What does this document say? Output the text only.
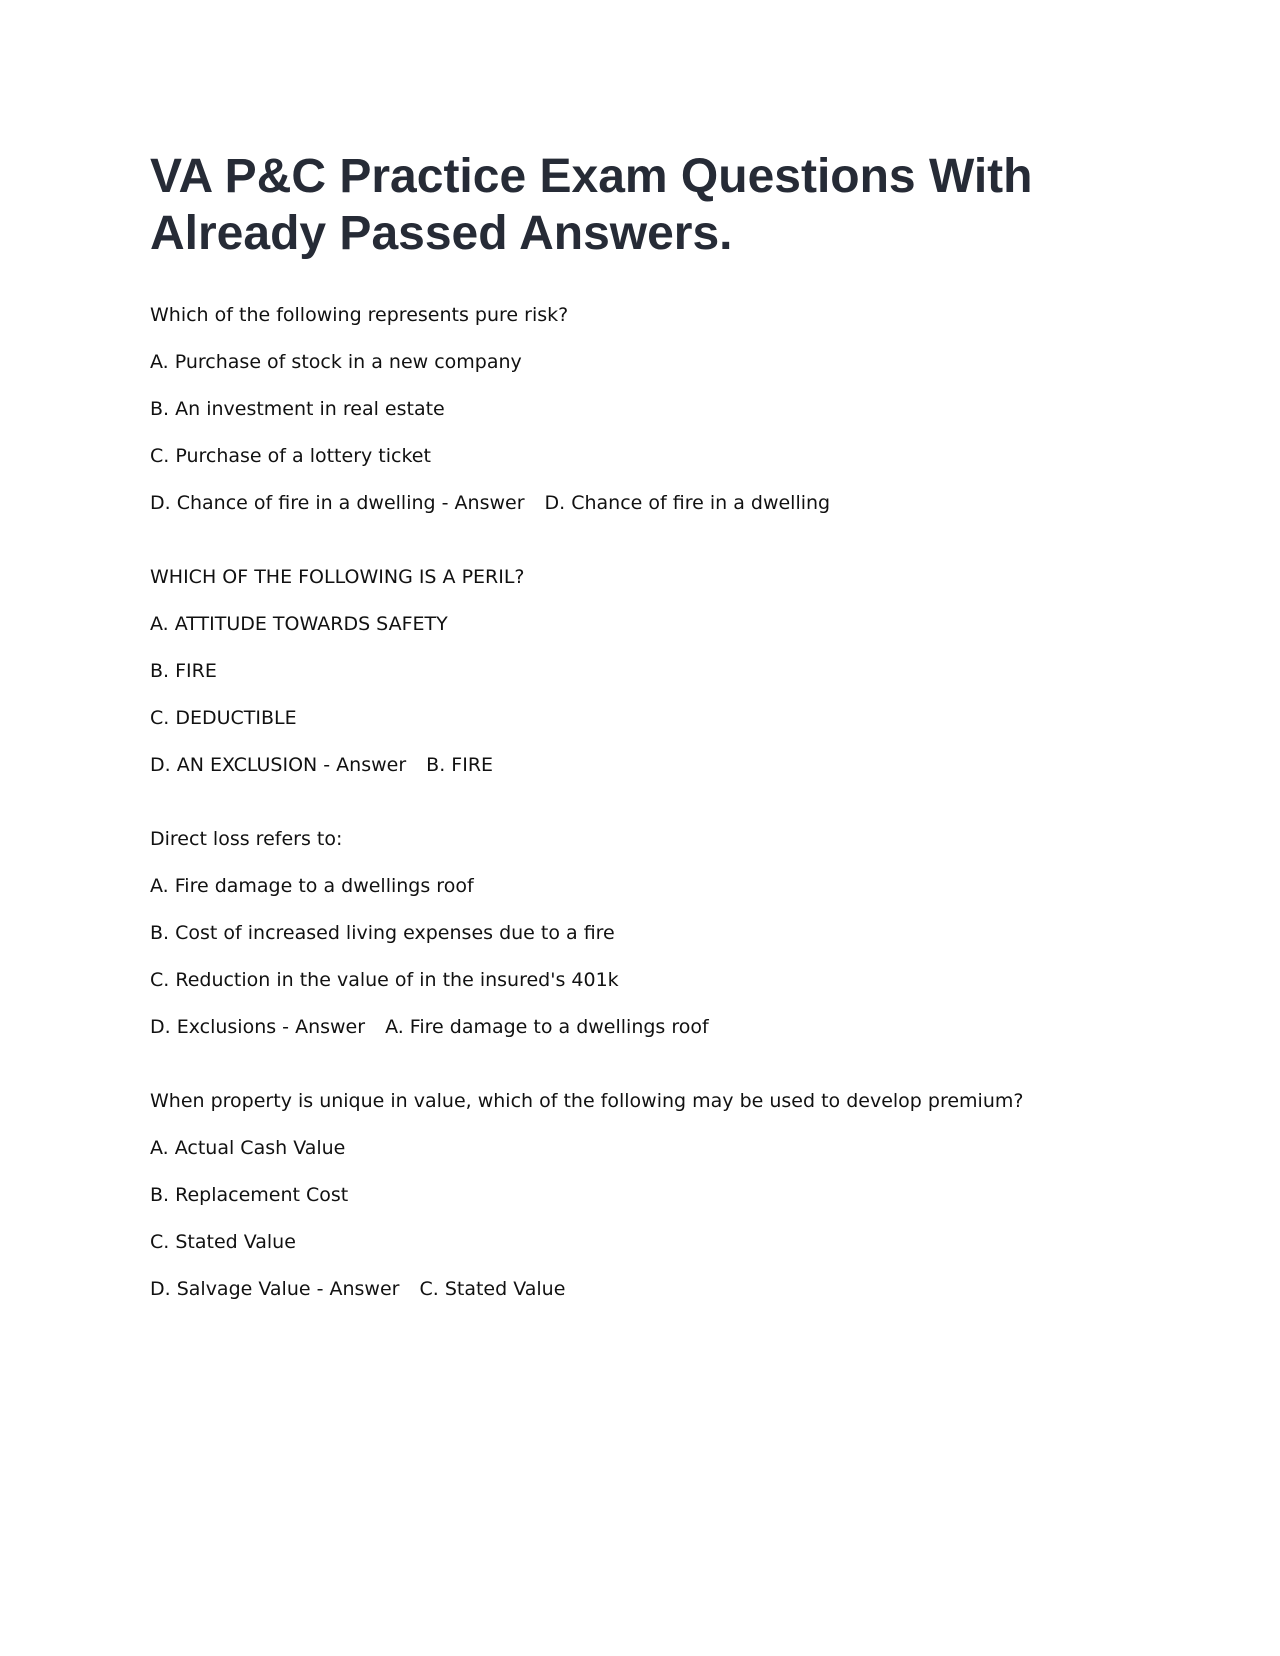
VA P&C Practice Exam Questions With Already Passed Answers.

Which of the following represents pure risk?

A. Purchase of stock in a new company

B. An investment in real estate

C. Purchase of a lottery ticket

D. Chance of fire in a dwelling - Answer D. Chance of fire in a dwelling

WHICH OF THE FOLLOWING IS A PERIL?

A. ATTITUDE TOWARDS SAFETY

B. FIRE

C. DEDUCTIBLE

D. AN EXCLUSION - Answer B. FIRE

Direct loss refers to:

A. Fire damage to a dwellings roof

B. Cost of increased living expenses due to a fire

C. Reduction in the value of in the insured's 401k

D. Exclusions - Answer A. Fire damage to a dwellings roof

When property is unique in value, which of the following may be used to develop premium?

A. Actual Cash Value

B. Replacement Cost

C. Stated Value

D. Salvage Value - Answer C. Stated Value
